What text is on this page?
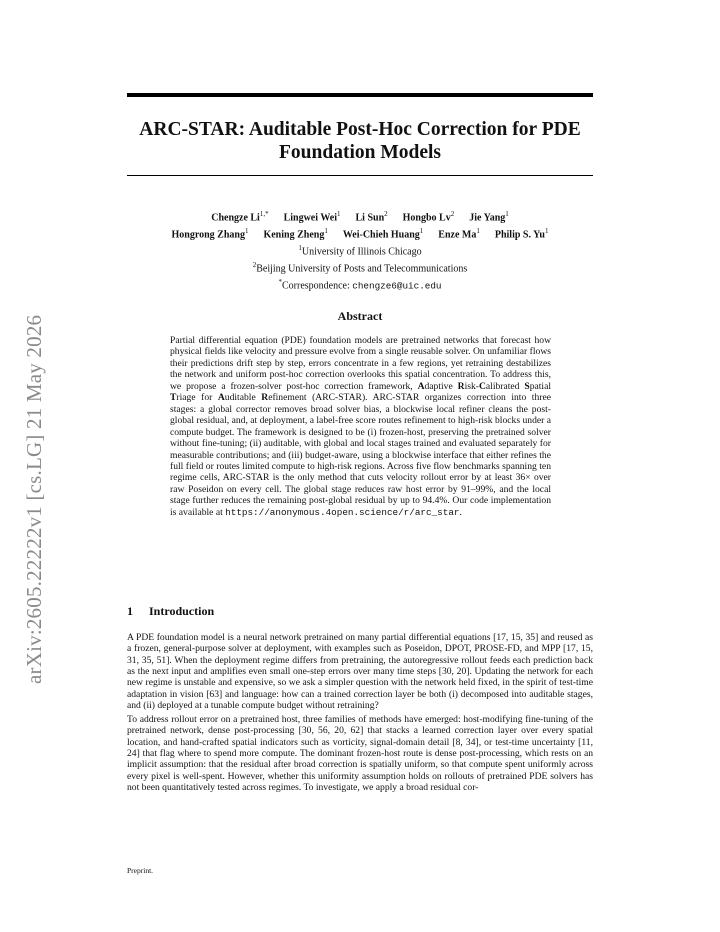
arXiv:2605.22222v1 [cs.LG] 21 May 2026
ARC-STAR: Auditable Post-Hoc Correction for PDE Foundation Models
Chengze $Li^{1,*}$   Lingwei Wei$^1$   Li Sun$^2$   Hongbo Lv$^2$   Jie Yang$^1$
Hongrong Zhang$^1$   Kening Zheng$^1$   Wei-Chieh Huang$^1$   Enze Ma$^1$   Philip S. Yu$^1$
$^1$University of Illinois Chicago
$^2$Beijing University of Posts and Telecommunications
*Correspondence: chengze6@uic.edu
Abstract
Partial differential equation (PDE) foundation models are pretrained networks that forecast how physical fields like velocity and pressure evolve from a single reusable solver. On unfamiliar flows their predictions drift step by step, errors concentrate in a few regions, yet retraining destabilizes the network and uniform post-hoc correction overlooks this spatial concentration. To address this, we propose a frozen-solver post-hoc correction framework, Adaptive Risk-Calibrated Spatial Triage for Auditable Refinement (ARC-STAR). ARC-STAR organizes correction into three stages: a global corrector removes broad solver bias, a blockwise local refiner cleans the post-global residual, and, at deployment, a label-free score routes refinement to high-risk blocks under a compute budget. The framework is designed to be (i) frozen-host, preserving the pretrained solver without fine-tuning; (ii) auditable, with global and local stages trained and evaluated separately for measurable contributions; and (iii) budget-aware, using a blockwise interface that either refines the full field or routes limited compute to high-risk regions. Across five flow benchmarks spanning ten regime cells, ARC-STAR is the only method that cuts velocity rollout error by at least 36× over raw Poseidon on every cell. The global stage reduces raw host error by 91–99%, and the local stage further reduces the remaining post-global residual by up to 94.4%. Our code implementation is available at https://anonymous.4open.science/r/arc_star.
1 Introduction

A PDE foundation model is a neural network pretrained on many partial differential equations [17, 15, 35] and reused as a frozen, general-purpose solver at deployment, with examples such as Poseidon, DPOT, PROSE-FD, and MPP [17, 15, 31, 35, 51]. When the deployment regime differs from pretraining, the autoregressive rollout feeds each prediction back as the next input and amplifies even small one-step errors over many time steps [30, 20]. Updating the network for each new regime is unstable and expensive, so we ask a simpler question with the network held fixed, in the spirit of test-time adaptation in vision [63] and language: how can a trained correction layer be both (i) decomposed into auditable stages, and (ii) deployed at a tunable compute budget without retraining?

To address rollout error on a pretrained host, three families of methods have emerged: host-modifying fine-tuning of the pretrained network, dense post-processing [30, 56, 20, 62] that stacks a learned correction layer over every spatial location, and hand-crafted spatial indicators such as vorticity, signal-domain detail [8, 34], or test-time uncertainty [11, 24] that flag where to spend more compute. The dominant frozen-host route is dense post-processing, which rests on an implicit assumption: that the residual after broad correction is spatially uniform, so that compute spent uniformly across every pixel is well-spent. However, whether this uniformity assumption holds on rollouts of pretrained PDE solvers has not been quantitatively tested across regimes. To investigate, we apply a broad residual cor-

Preprint.
